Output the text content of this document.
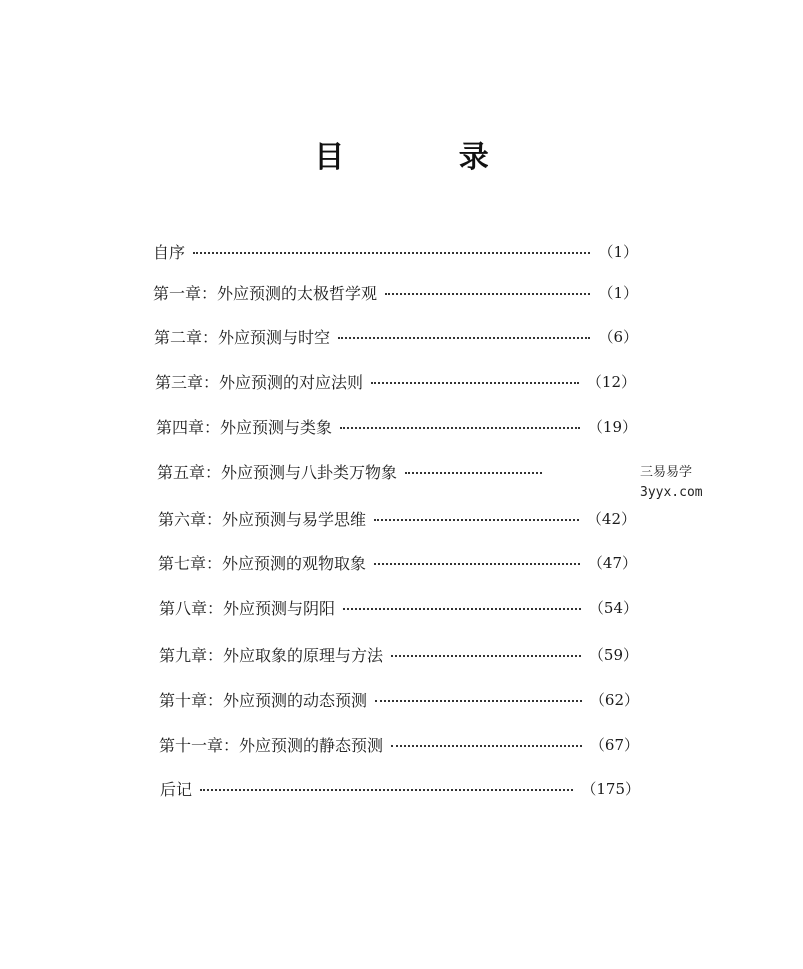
目 录
自序	（1）
第一章：外应预测的太极哲学观	（1）
第二章：外应预测与时空	（6）
第三章：外应预测的对应法则	（12）
第四章：外应预测与类象	（19）
第五章：外应预测与八卦类万物象
第六章：外应预测与易学思维	（42）
第七章：外应预测的观物取象	（47）
第八章：外应预测与阴阳	（54）
第九章：外应取象的原理与方法	（59）
第十章：外应预测的动态预测	（62）
第十一章：外应预测的静态预测	（67）
后记	（175）
三易易学
3yyx.com
